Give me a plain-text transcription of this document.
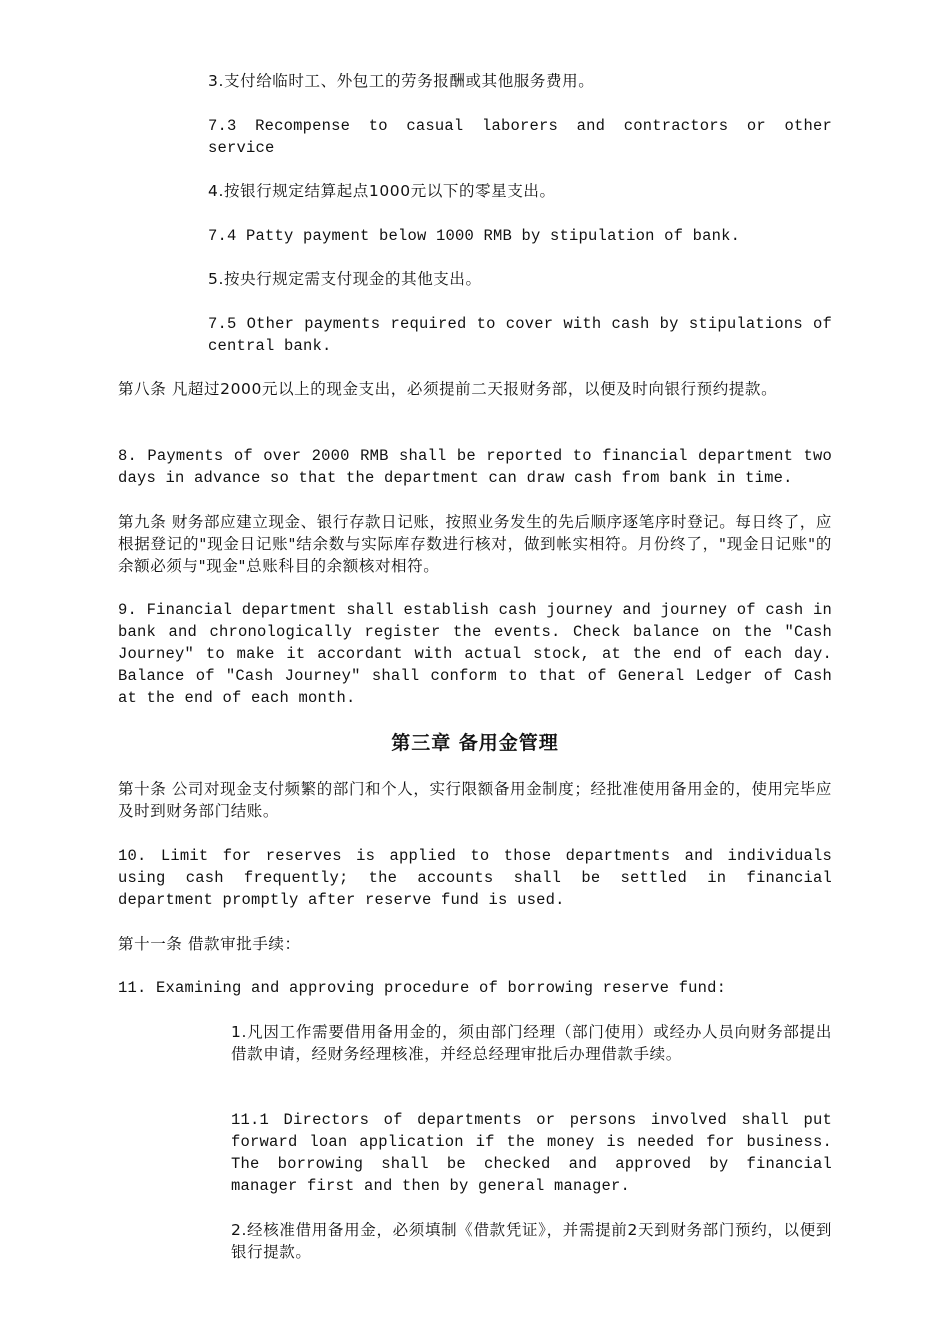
3.支付给临时工、外包工的劳务报酬或其他服务费用。

7.3 Recompense to casual laborers and contractors or other service

4.按银行规定结算起点1000元以下的零星支出。

7.4 Patty payment below 1000 RMB by stipulation of bank.

5.按央行规定需支付现金的其他支出。

7.5 Other payments required to cover with cash by stipulations of central bank.

第八条 凡超过2000元以上的现金支出，必须提前二天报财务部，以便及时向银行预约提款。

8. Payments of over 2000 RMB shall be reported to financial department two days in advance so that the department can draw cash from bank in time.

第九条 财务部应建立现金、银行存款日记账，按照业务发生的先后顺序逐笔序时登记。每日终了，应根据登记的"现金日记账"结余数与实际库存数进行核对，做到帐实相符。月份终了，"现金日记账"的余额必须与"现金"总账科目的余额核对相符。

9. Financial department shall establish cash journey and journey of cash in bank and chronologically register the events. Check balance on the "Cash Journey" to make it accordant with actual stock, at the end of each day. Balance of "Cash Journey" shall conform to that of General Ledger of Cash at the end of each month.

第三章 备用金管理

第十条 公司对现金支付频繁的部门和个人，实行限额备用金制度；经批准使用备用金的，使用完毕应及时到财务部门结账。

10. Limit for reserves is applied to those departments and individuals using cash frequently; the accounts shall be settled in financial department promptly after reserve fund is used.

第十一条 借款审批手续：

11. Examining and approving procedure of borrowing reserve fund:

1.凡因工作需要借用备用金的，须由部门经理（部门使用）或经办人员向财务部提出借款申请，经财务经理核准，并经总经理审批后办理借款手续。

11.1 Directors of departments or persons involved shall put forward loan application if the money is needed for business. The borrowing shall be checked and approved by financial manager first and then by general manager.

2.经核准借用备用金，必须填制《借款凭证》，并需提前2天到财务部门预约，以便到银行提款。
